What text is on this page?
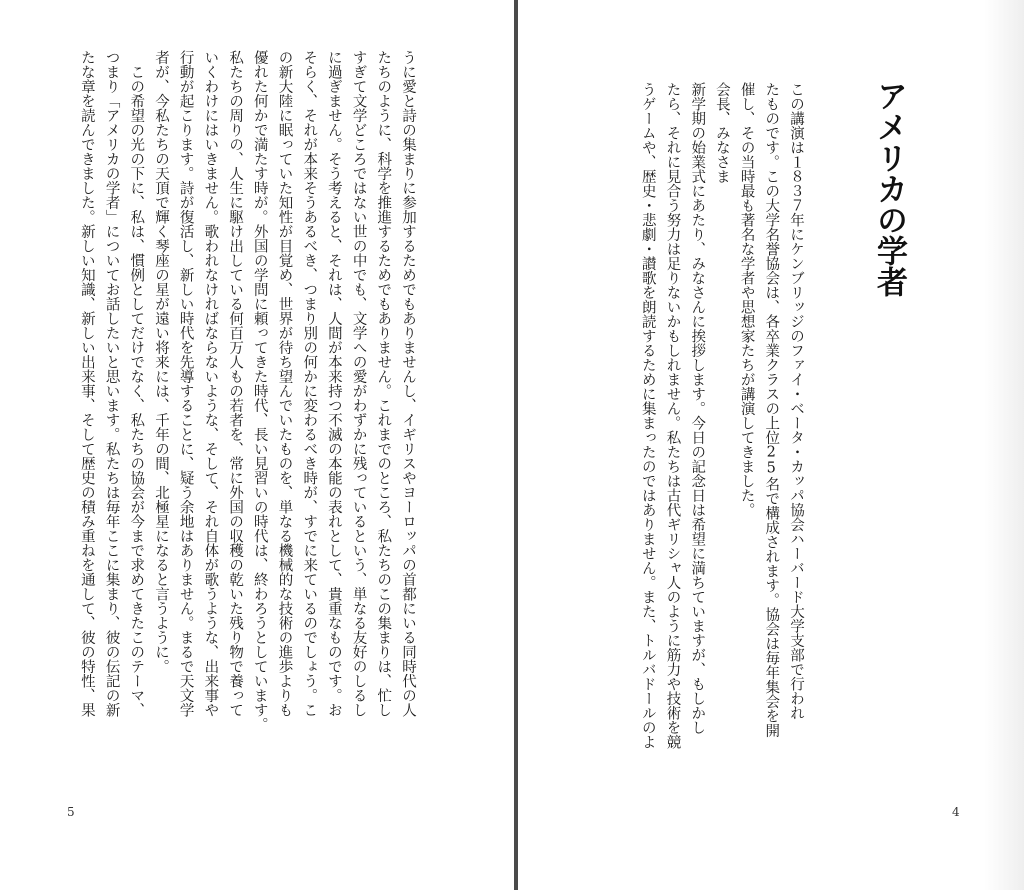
うに愛と詩の集まりに参加するためでもありませんし、イギリスやヨーロッパの首都にいる同時代の人

たちのように、科学を推進するためでもありません。これまでのところ、私たちのこの集まりは、忙し

すぎて文学どころではない世の中でも、文学への愛がわずかに残っているという、単なる友好のしるし

に過ぎません。そう考えると、それは、人間が本来持つ不滅の本能の表れとして、貴重なものです。お

そらく、それが本来そうあるべき、つまり別の何かに変わるべき時が、すでに来ているのでしょう。こ

の新大陸に眠っていた知性が目覚め、世界が待ち望んでいたものを、単なる機械的な技術の進歩よりも

優れた何かで満たす時が。外国の学問に頼ってきた時代、長い見習いの時代は、終わろうとしています。

私たちの周りの、人生に駆け出している何百万人もの若者を、常に外国の収穫の乾いた残り物で養って

いくわけにはいきません。歌われなければならないような、そして、それ自体が歌うような、出来事や

行動が起こります。詩が復活し、新しい時代を先導することに、疑う余地はありません。まるで天文学

者が、今私たちの天頂で輝く琴座の星が遠い将来には、千年の間、北極星になると言うように。

　この希望の光の下に、私は、慣例としてだけでなく、私たちの協会が今まで求めてきたこのテーマ、

つまり「アメリカの学者」についてお話したいと思います。私たちは毎年ここに集まり、彼の伝記の新

たな章を読んできました。新しい知識、新しい出来事、そして歴史の積み重ねを通して、彼の特性、果

5
アメリカの学者

この講演は１８３７年にケンブリッジのファイ・ベータ・カッパ協会ハーバード大学支部で行われ

たものです。この大学名誉協会は、各卒業クラスの上位25名で構成されます。協会は毎年集会を開

催し、その当時最も著名な学者や思想家たちが講演してきました。

会長、みなさま

新学期の始業式にあたり、みなさんに挨拶します。今日の記念日は希望に満ちていますが、もしかし

たら、それに見合う努力は足りないかもしれません。私たちは古代ギリシャ人のように筋力や技術を競

うゲームや、歴史・悲劇・讃歌を朗読するために集まったのではありません。また、トルバドールのよ

4
